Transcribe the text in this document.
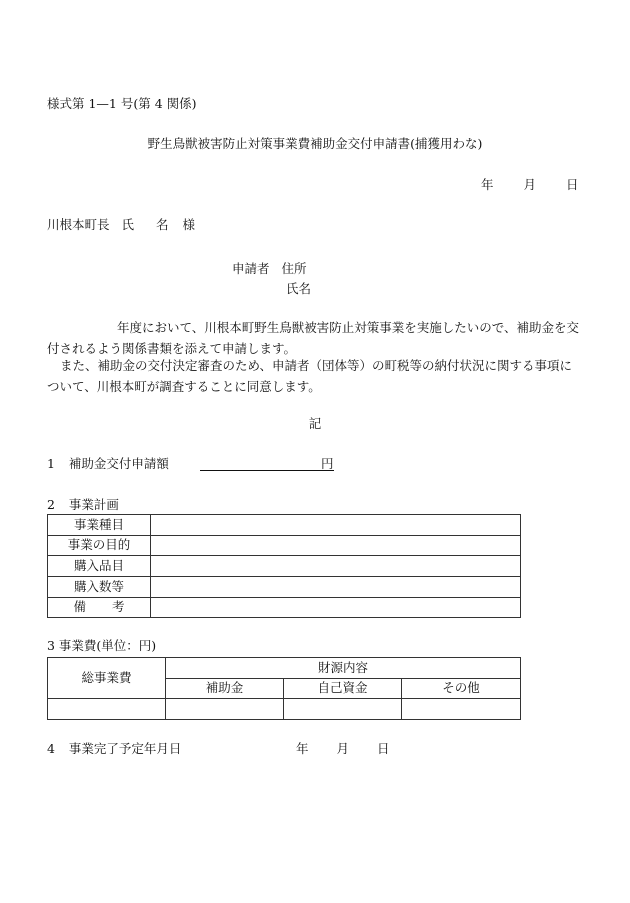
様式第 1—1 号(第 4 関係)
野生鳥獣被害防止対策事業費補助金交付申請書(捕獲用わな)
年 月 日
川根本町長 氏 名 様
申請者 住所
氏名
年度において、川根本町野生鳥獣被害防止対策事業を実施したいので、補助金を交付されるよう関係書類を添えて申請します。
また、補助金の交付決定審査のため、申請者（団体等）の町税等の納付状況に関する事項について、川根本町が調査することに同意します。
記
1 補助金交付申請額	円
2 事業計画
事業種目	
事業の目的	
購入品目	
購入数等	
備 考	
3 事業費(単位：円)
総事業費	財源内容		
	補助金	自己資金	その他

4 事業完了予定年月日	年 月 日
